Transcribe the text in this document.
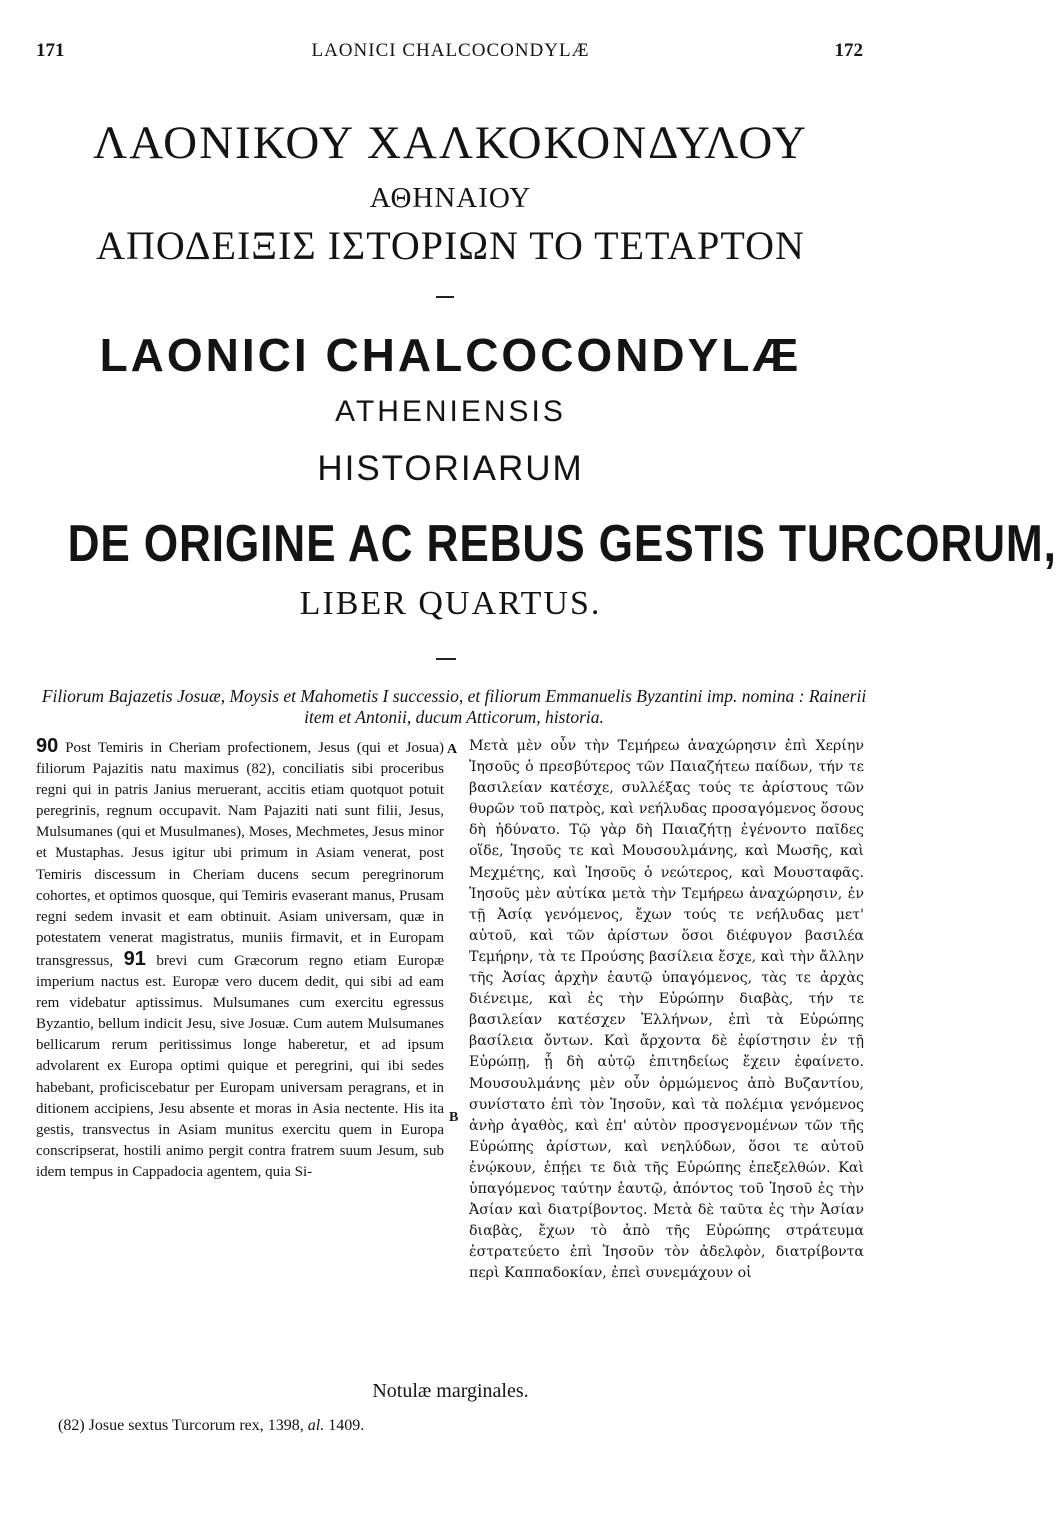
171	LAONICI CHALCOCONDYLÆ	172
ΛΑΟΝΙΚΟΥ ΧΑΛΚΟΚΟΝΔΥΛΟΥ
ΑΘΗΝΑΙΟΥ
ΑΠΟΔΕΙΞΙΣ ΙΣΤΟΡΙΩΝ ΤΟ ΤΕΤΑΡΤΟΝ
LAONICI CHALCOCONDYLÆ
ATHENIENSIS
HISTORIARUM
DE ORIGINE AC REBUS GESTIS TURCORUM,
LIBER QUARTUS.
Filiorum Bajazetis Josuæ, Moysis et Mahometis I successio, et filiorum Emmanuelis Byzantini imp. nomina : Rainerii item et Antonii, ducum Atticorum, historia.

90 Post Temiris in Cheriam profectionem, Jesus (qui et Josua) filiorum Pajazitis natu maximus (82), conciliatis sibi proceribus regni qui in patris Janius meruerant, accitis etiam quotquot potuit peregrinis, regnum occupavit. Nam Pajaziti nati sunt filii, Jesus, Mulsumanes (qui et Musulmanes), Moses, Mechmetes, Jesus minor et Mustaphas. Jesus igitur ubi primum in Asiam venerat, post Temiris discessum in Cheriam ducens secum peregrinorum cohortes, et optimos quosque, qui Temiris evaserant manus, Prusam regni sedem invasit et eam obtinuit. Asiam universam, quæ in potestatem venerat magistratus, muniis firmavit, et in Europam transgressus, 91 brevi cum Græcorum regno etiam Europæ imperium nactus est. Europæ vero ducem dedit, qui sibi ad eam rem videbatur aptissimus. Mulsumanes cum exercitu egressus Byzantio, bellum indicit Jesu, sive Josuæ. Cum autem Mulsumanes bellicarum rerum peritissimus longe haberetur, et ad ipsum advolarent ex Europa optimi quique et peregrini, qui ibi sedes habebant, proficiscebatur per Europam universam peragrans, et in ditionem accipiens, Jesu absente et moras in Asia nectente. His ita gestis, transvectus in Asiam munitus exercitu quem in Europa conscripserat, hostili animo pergit contra fratrem suum Jesum, sub idem tempus in Cappadocia agentem, quia Si-

A
B

Μετὰ μὲν οὖν τὴν Τεμήρεω ἀναχώρησιν ἐπὶ Χερίην Ἰησοῦς ὁ πρεσβύτερος τῶν Παιαζήτεω παίδων, τήν τε βασιλείαν κατέσχε, συλλέξας τούς τε ἀρίστους τῶν θυρῶν τοῦ πατρὸς, καὶ νεήλυδας προσαγόμενος ὅσους δὴ ἠδύνατο. Τῷ γὰρ δὴ Παιαζήτῃ ἐγένοντο παῖδες οἵδε, Ἰησοῦς τε καὶ Μουσουλμάνης, καὶ Μωσῆς, καὶ Μεχμέτης, καὶ Ἰησοῦς ὁ νεώτερος, καὶ Μουσταφᾶς. Ἰησοῦς μὲν αὐτίκα μετὰ τὴν Τεμήρεω ἀναχώρησιν, ἐν τῇ Ἀσίᾳ γενόμενος, ἔχων τούς τε νεήλυδας μετ' αὐτοῦ, καὶ τῶν ἀρίστων ὅσοι διέφυγον βασιλέα Τεμήρην, τὰ τε Προύσης βασίλεια ἔσχε, καὶ τὴν ἄλλην τῆς Ἀσίας ἀρχὴν ἑαυτῷ ὑπαγόμενος, τὰς τε ἀρχὰς διένειμε, καὶ ἐς τὴν Εὐρώπην διαβὰς, τήν τε βασιλείαν κατέσχεν Ἑλλήνων, ἐπὶ τὰ Εὐρώπης βασίλεια ὄντων. Καὶ ἄρχοντα δὲ ἐφίστησιν ἐν τῇ Εὐρώπῃ, ᾗ δὴ αὐτῷ ἐπιτηδείως ἔχειν ἐφαίνετο. Μουσουλμάνης μὲν οὖν ὁρμώμενος ἀπὸ Βυζαντίου, συνίστατο ἐπὶ τὸν Ἰησοῦν, καὶ τὰ πολέμια γενόμενος ἀνὴρ ἀγαθὸς, καὶ ἐπ' αὐτὸν προσγενομένων τῶν τῆς Εὐρώπης ἀρίστων, καὶ νεηλύδων, ὅσοι τε αὐτοῦ ἐνῴκουν, ἐπῄει τε διὰ τῆς Εὐρώπης ἐπεξελθών. Καὶ ὑπαγόμενος ταύτην ἑαυτῷ, ἀπόντος τοῦ Ἰησοῦ ἐς τὴν Ἀσίαν καὶ διατρίβοντος. Μετὰ δὲ ταῦτα ἐς τὴν Ἀσίαν διαβὰς, ἔχων τὸ ἀπὸ τῆς Εὐρώπης στράτευμα ἐστρατεύετο ἐπὶ Ἰησοῦν τὸν ἀδελφὸν, διατρίβοντα περὶ Καππαδοκίαν, ἐπεὶ συνεμάχουν οἱ

Notulæ marginales.
(82) Josue sextus Turcorum rex, 1398, al. 1409.
